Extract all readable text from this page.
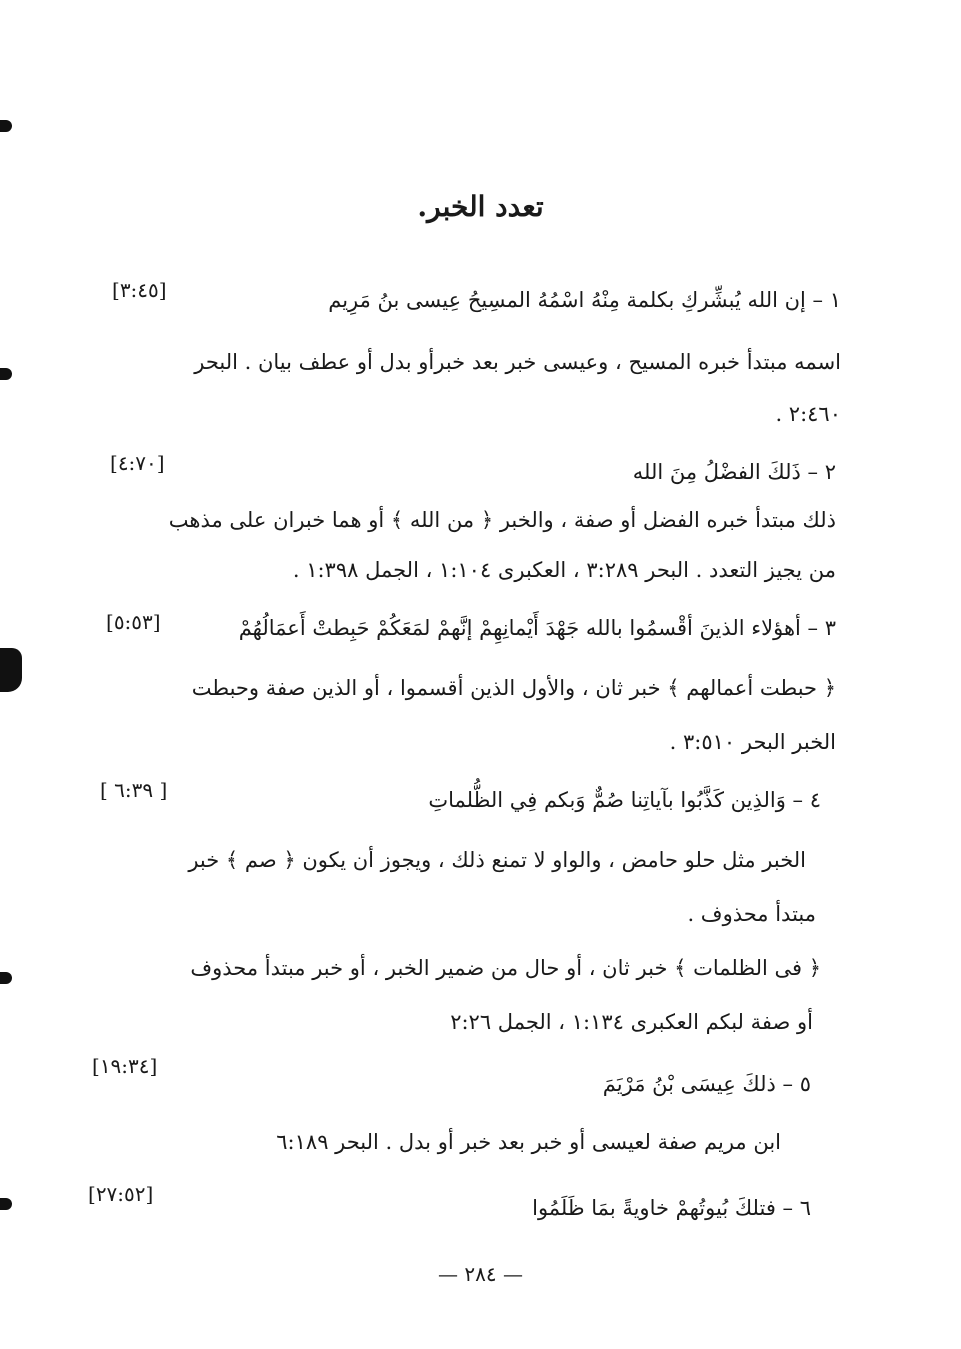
تعدد الخبر.
١ – إن الله يُبشِّركِ بكلمة مِنْهُ اسْمُهُ المسِيحُ عِيسى بنُ مَرِيم
[٣:٤٥]
اسمه مبتدأ خبره المسيح ، وعيسى خبر بعد خبرأو بدل أو عطف بيان . البحر
٢:٤٦٠ .
٢ – ذَلكَ الفضْلُ مِنَ الله
[٤:٧٠]
ذلك مبتدأ خبره الفضل أو صفة ، والخبر ﴿ من الله ﴾ أو هما خبران على مذهب
من يجيز التعدد . البحر ٣:٢٨٩ ، العكبرى ١:١٠٤ ، الجمل ١:٣٩٨ .
٣ – أهؤلاء الذينَ أقْسمُوا بالله جَهْدَ أَيْمانِهِمْ إنَّهمْ لمَعَكُمْ حَبِطتْ أَعمَالُهُمْ
[٥:٥٣]
﴿ حبطت أعمالهم ﴾ خبر ثان ، والأول الذين أقسموا ، أو الذين صفة وحبطت
الخبر البحر ٣:٥١٠ .
٤ – وَالذِين كَذَّبُوا بآياتِنا صُمٌّ وَبكم فِي الظُّلماتِ
[ ٦:٣٩ ]
الخبر مثل حلو حامض ، والواو لا تمنع ذلك ، ويجوز أن يكون ﴿ صم ﴾ خبر
مبتدأ محذوف .
﴿ فى الظلمات ﴾ خبر ثان ، أو حال من ضمير الخبر ، أو خبر مبتدأ محذوف
أو صفة لبكم العكبرى ١:١٣٤ ، الجمل ٢:٢٦
٥ – ذلكَ عِيسَى بْنُ مَرْيَمَ
[١٩:٣٤]
ابن مريم صفة لعيسى أو خبر بعد خبر أو بدل . البحر ٦:١٨٩
٦ – فتلكَ بُيوتُهمْ خاويةً بمَا ظَلَمُوا
[٢٧:٥٢]
— ٢٨٤ —
